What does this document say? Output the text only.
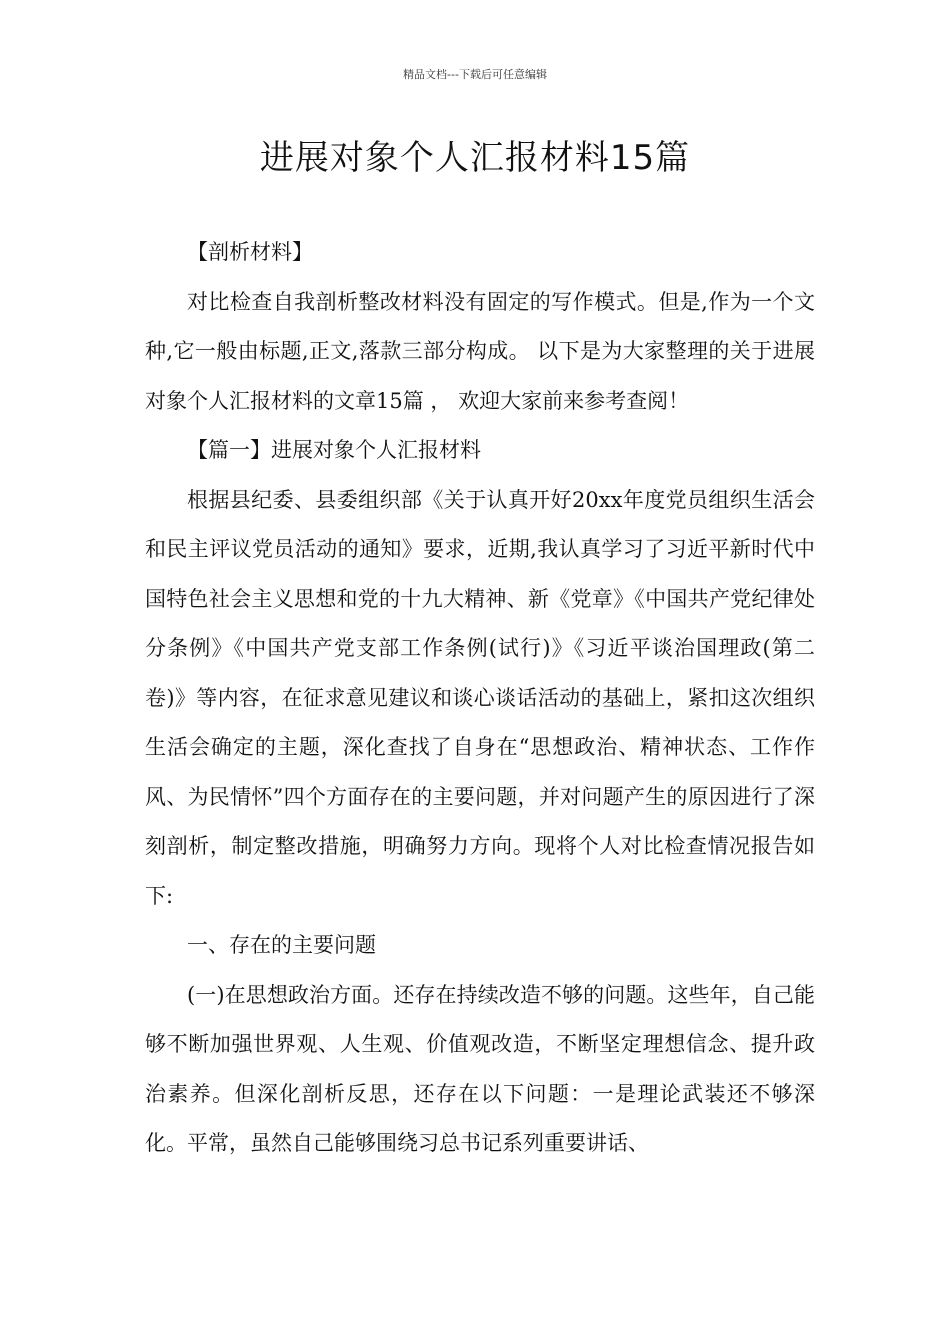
精品文档---下载后可任意编辑
进展对象个人汇报材料15篇

【剖析材料】

对比检查自我剖析整改材料没有固定的写作模式。但是,作为一个文种,它一般由标题,正文,落款三部分构成。 以下是为大家整理的关于进展对象个人汇报材料的文章15篇 ， 欢迎大家前来参考查阅！

【篇一】进展对象个人汇报材料

根据县纪委、县委组织部《关于认真开好20xx年度党员组织生活会和民主评议党员活动的通知》要求，近期,我认真学习了习近平新时代中国特色社会主义思想和党的十九大精神、新《党章》《中国共产党纪律处分条例》《中国共产党支部工作条例(试行)》《习近平谈治国理政(第二卷)》等内容，在征求意见建议和谈心谈话活动的基础上，紧扣这次组织生活会确定的主题，深化查找了自身在“思想政治、精神状态、工作作风、为民情怀”四个方面存在的主要问题，并对问题产生的原因进行了深刻剖析，制定整改措施，明确努力方向。现将个人对比检查情况报告如下:

一、存在的主要问题

(一)在思想政治方面。还存在持续改造不够的问题。这些年，自己能够不断加强世界观、人生观、价值观改造，不断坚定理想信念、提升政治素养。但深化剖析反思，还存在以下问题：一是理论武装还不够深化。平常，虽然自己能够围绕习总书记系列重要讲话、
